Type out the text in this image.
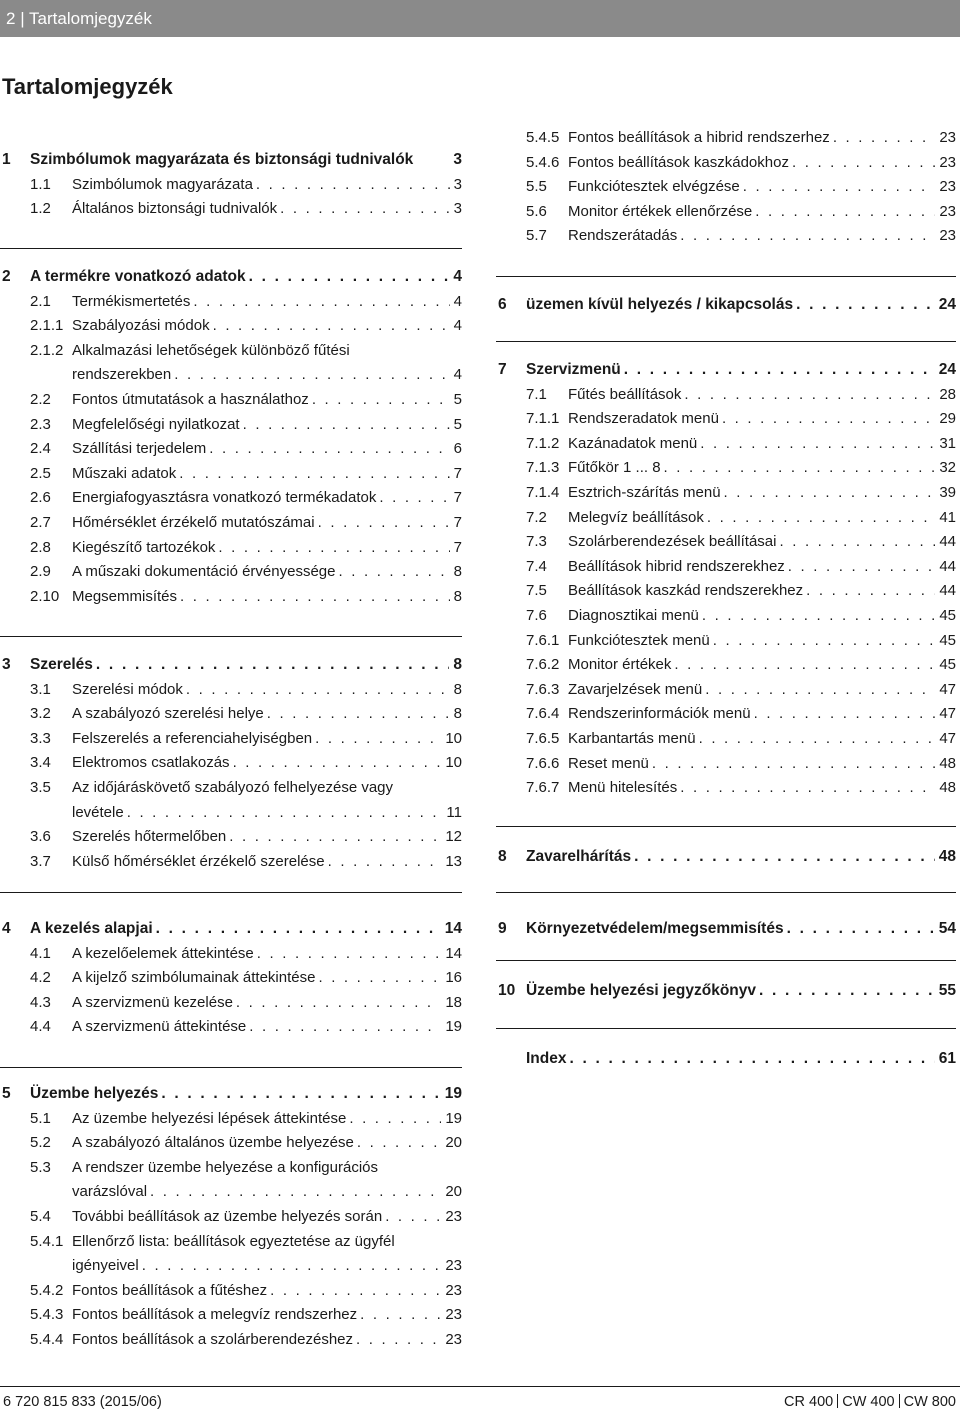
2 | Tartalomjegyzék
Tartalomjegyzék
1 Szimbólumok magyarázata és biztonsági tudnivalók	3
1.1 Szimbólumok magyarázata . . .	3
1.2 Általános biztonsági tudnivalók . . .	3
2 A termékre vonatkozó adatok . . .	4
2.1 Termékismertetés . . .	4
2.1.1 Szabályozási módok . . .	4
2.1.2 Alkalmazási lehetőségek különböző fűtési
rendszerekben . . .	4
2.2 Fontos útmutatások a használathoz . . .	5
2.3 Megfelelőségi nyilatkozat . . .	5
2.4 Szállítási terjedelem . . .	6
2.5 Műszaki adatok . . .	7
2.6 Energiafogyasztásra vonatkozó termékadatok . . .	7
2.7 Hőmérséklet érzékelő mutatószámai . . .	7
2.8 Kiegészítő tartozékok . . .	7
2.9 A műszaki dokumentáció érvényessége . . .	8
2.10 Megsemmisítés . . .	8
3 Szerelés . . .	8
3.1 Szerelési módok . . .	8
3.2 A szabályozó szerelési helye . . .	8
3.3 Felszerelés a referenciahelyiségben . . .	10
3.4 Elektromos csatlakozás . . .	10
3.5 Az időjáráskövető szabályozó felhelyezése vagy
levétele . . .	11
3.6 Szerelés hőtermelőben . . .	12
3.7 Külső hőmérséklet érzékelő szerelése . . .	13
4 A kezelés alapjai . . .	14
4.1 A kezelőelemek áttekintése . . .	14
4.2 A kijelző szimbólumainak áttekintése . . .	16
4.3 A szervizmenü kezelése . . .	18
4.4 A szervizmenü áttekintése . . .	19
5 Üzembe helyezés . . .	19
5.1 Az üzembe helyezési lépések áttekintése . . .	19
5.2 A szabályozó általános üzembe helyezése . . .	20
5.3 A rendszer üzembe helyezése a konfigurációs
varázslóval . . .	20
5.4 További beállítások az üzembe helyezés során . . .	23
5.4.1 Ellenőrző lista: beállítások egyeztetése az ügyfél
igényeivel . . .	23
5.4.2 Fontos beállítások a fűtéshez . . .	23
5.4.3 Fontos beállítások a melegvíz rendszerhez . . .	23
5.4.4 Fontos beállítások a szolárberendezéshez . . .	23
5.4.5 Fontos beállítások a hibrid rendszerhez . . .	23
5.4.6 Fontos beállítások kaszkádokhoz . . .	23
5.5 Funkciótesztek elvégzése . . .	23
5.6 Monitor értékek ellenőrzése . . .	23
5.7 Rendszerátadás . . .	23
6 üzemen kívül helyezés / kikapcsolás . . .	24
7 Szervizmenü . . .	24
7.1 Fűtés beállítások . . .	28
7.1.1 Rendszeradatok menü . . .	29
7.1.2 Kazánadatok menü . . .	31
7.1.3 Fűtőkör 1 ... 8 . . .	32
7.1.4 Esztrich-szárítás menü . . .	39
7.2 Melegvíz beállítások . . .	41
7.3 Szolárberendezések beállításai . . .	44
7.4 Beállítások hibrid rendszerekhez . . .	44
7.5 Beállítások kaszkád rendszerekhez . . .	44
7.6 Diagnosztikai menü . . .	45
7.6.1 Funkciótesztek menü . . .	45
7.6.2 Monitor értékek . . .	45
7.6.3 Zavarjelzések menü . . .	47
7.6.4 Rendszerinformációk menü . . .	47
7.6.5 Karbantartás menü . . .	47
7.6.6 Reset menü . . .	48
7.6.7 Menü hitelesítés . . .	48
8 Zavarelhárítás . . .	48
9 Környezetvédelem/megsemmisítés . . .	54
10 Üzembe helyezési jegyzőkönyv . . .	55
Index . . .	61
6 720 815 833 (2015/06)	CR 400 CW 400 CW 800
